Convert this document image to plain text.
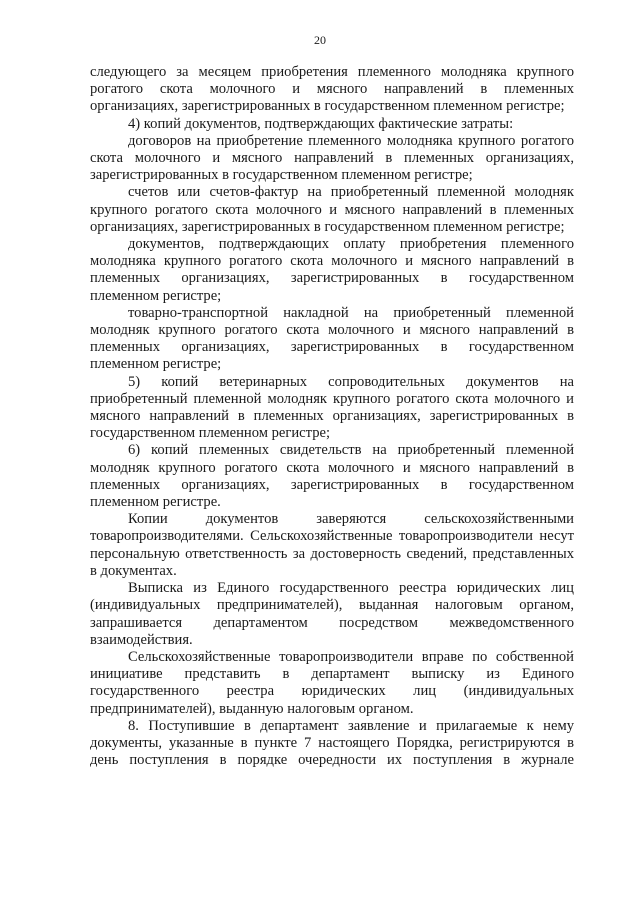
20

следующего за месяцем приобретения племенного молодняка крупного рогатого скота молочного и мясного направлений в племенных организациях, зарегистрированных в государственном племенном регистре;

4) копий документов, подтверждающих фактические затраты:

договоров на приобретение племенного молодняка крупного рогатого скота молочного и мясного направлений в племенных организациях, зарегистрированных в государственном племенном регистре;

счетов или счетов-фактур на приобретенный племенной молодняк крупного рогатого скота молочного и мясного направлений в племенных организациях, зарегистрированных в государственном племенном регистре;

документов, подтверждающих оплату приобретения племенного молодняка крупного рогатого скота молочного и мясного направлений в племенных организациях, зарегистрированных в государственном племенном регистре;

товарно-транспортной накладной на приобретенный племенной молодняк крупного рогатого скота молочного и мясного направлений в племенных организациях, зарегистрированных в государственном племенном регистре;

5) копий ветеринарных сопроводительных документов на приобретенный племенной молодняк крупного рогатого скота молочного и мясного направлений в племенных организациях, зарегистрированных в государственном племенном регистре;

6) копий племенных свидетельств на приобретенный племенной молодняк крупного рогатого скота молочного и мясного направлений в племенных организациях, зарегистрированных в государственном племенном регистре.

Копии документов заверяются сельскохозяйственными товаропроизводителями. Сельскохозяйственные товаропроизводители несут персональную ответственность за достоверность сведений, представленных в документах.

Выписка из Единого государственного реестра юридических лиц (индивидуальных предпринимателей), выданная налоговым органом, запрашивается департаментом посредством межведомственного взаимодействия.

Сельскохозяйственные товаропроизводители вправе по собственной инициативе представить в департамент выписку из Единого государственного реестра юридических лиц (индивидуальных предпринимателей), выданную налоговым органом.

8. Поступившие в департамент заявление и прилагаемые к нему документы, указанные в пункте 7 настоящего Порядка, регистрируются в день поступления в порядке очередности их поступления в журнале
